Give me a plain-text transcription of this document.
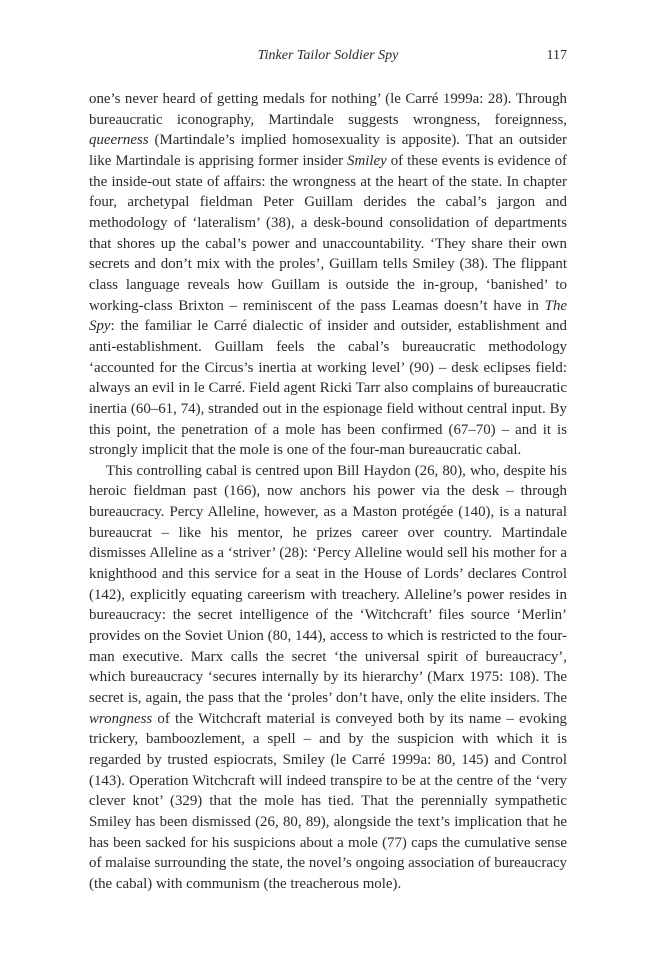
Tinker Tailor Soldier Spy	117

one’s never heard of getting medals for nothing’ (le Carré 1999a: 28). Through bureaucratic iconography, Martindale suggests wrongness, foreignness, queerness (Martindale’s implied homosexuality is apposite). That an outsider like Martindale is apprising former insider Smiley of these events is evidence of the inside-out state of affairs: the wrongness at the heart of the state. In chapter four, archetypal fieldman Peter Guillam derides the cabal’s jargon and methodology of ‘lateralism’ (38), a desk-bound consolidation of departments that shores up the cabal’s power and unaccountability. ‘They share their own secrets and don’t mix with the proles’, Guillam tells Smiley (38). The flippant class language reveals how Guillam is outside the in-group, ‘banished’ to working-class Brixton – reminiscent of the pass Leamas doesn’t have in The Spy: the familiar le Carré dialectic of insider and outsider, establishment and anti-establishment. Guillam feels the cabal’s bureaucratic methodology ‘accounted for the Circus’s inertia at working level’ (90) – desk eclipses field: always an evil in le Carré. Field agent Ricki Tarr also complains of bureaucratic inertia (60–61, 74), stranded out in the espionage field without central input. By this point, the penetration of a mole has been confirmed (67–70) – and it is strongly implicit that the mole is one of the four-man bureaucratic cabal.

This controlling cabal is centred upon Bill Haydon (26, 80), who, despite his heroic fieldman past (166), now anchors his power via the desk – through bureaucracy. Percy Alleline, however, as a Maston protégée (140), is a natural bureaucrat – like his mentor, he prizes career over country. Martindale dismisses Alleline as a ‘striver’ (28): ‘Percy Alleline would sell his mother for a knighthood and this service for a seat in the House of Lords’ declares Control (142), explicitly equating careerism with treachery. Alleline’s power resides in bureaucracy: the secret intelligence of the ‘Witchcraft’ files source ‘Merlin’ provides on the Soviet Union (80, 144), access to which is restricted to the four-man executive. Marx calls the secret ‘the universal spirit of bureaucracy’, which bureaucracy ‘secures internally by its hierarchy’ (Marx 1975: 108). The secret is, again, the pass that the ‘proles’ don’t have, only the elite insiders. The wrongness of the Witchcraft material is conveyed both by its name – evoking trickery, bamboozlement, a spell – and by the suspicion with which it is regarded by trusted espiocrats, Smiley (le Carré 1999a: 80, 145) and Control (143). Operation Witchcraft will indeed transpire to be at the centre of the ‘very clever knot’ (329) that the mole has tied. That the perennially sympathetic Smiley has been dismissed (26, 80, 89), alongside the text’s implication that he has been sacked for his suspicions about a mole (77) caps the cumulative sense of malaise surrounding the state, the novel’s ongoing association of bureaucracy (the cabal) with communism (the treacherous mole).
